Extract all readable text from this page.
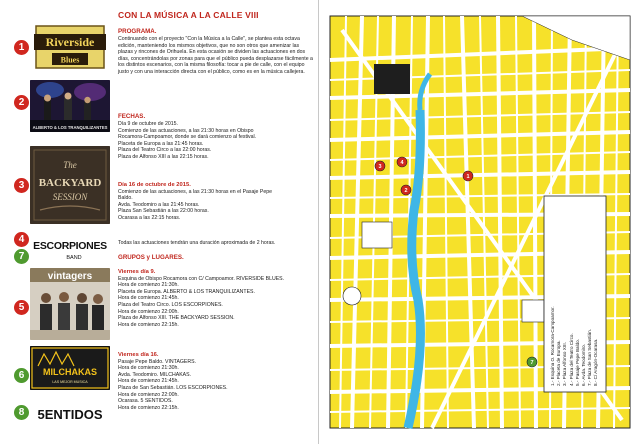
1	Riverside
Blues
2
ALBERTO & LOS TRANQUILIZANTES
3
The
BACKYARD
SESSION
4
7
ESCORPIONES
BAND
5
vintagers
6	MILCHAKAS
LAS MEJOR MUSICA
8	5ENTIDOS
CON LA MÚSICA A LA CALLE VIII
PROGRAMA.
Continuando con el proyecto "Con la Música a la Calle", se plantea esta octava edición, manteniendo los mismos objetivos, que no son otros que amenizar las plazas y rincones de Orihuela. En esta ocasión se dividen las actuaciones en dos días, concentrándolas por zonas para que el público pueda desplazarse fácilmente a los distintos escenarios, con la misma filosofía: tocar a pie de calle, con el equipo justo y con una interacción directa con el público, como es en la música callejera.
FECHAS.
Día 9 de octubre de 2015.
Comienzo de las actuaciones, a las 21:30 horas en Obispo
Rocamora-Campoamor, donde se dará comienzo al festival.
Placeta de Europa a las 21:45 horas.
Plaza del Teatro Circo a las 22:00 horas.
Plaza de Alfonso XIII a las 22:15 horas.
Día 16 de octubre de 2015.
Comienzo de las actuaciones, a las 21:30 horas en el Pasaje Pepe
Baldo.
Avda. Teodomiro a las 21:45 horas.
Plaza San Sebastián a las 22:00 horas.
Ocarasa a las 22:15 horas.
Todas las actuaciones tendrán una duración aproximada de 2 horas.
GRUPOS y LUGARES.
Viernes día 9.
Esquina de Obispo Rocamora con C/ Campoamor. RIVERSIDE BLUES.
Hora de comienzo 21:30h.
Placeta de Europa. ALBERTO & LOS TRANQUILIZANTES.
Hora de comienzo 21:45h.
Plaza del Teatro Circo. LOS ESCORPIONES.
Hora de comienzo 22:00h.
Plaza de Alfonso XIII. THE BACKYARD SESSION.
Hora de comienzo 22:15h.
Viernes día 16.
Pasaje Pepe Baldo. VINTAGERS.
Hora de comienzo 21:30h.
Avda. Teodomiro. MILCHAKAS.
Hora de comienzo 21:45h.
Plaza de San Sebastián. LOS ESCORPIONES.
Hora de comienzo 22:00h.
Ocarasa. 5 SENTIDOS.
Hora de comienzo 22:15h.
3
4
2
1
7	1.- Esquina O. Rocamora-Campoamor. 2.- Placeta de Europa. 3.- Plaza Alfonso XIII. 4.- Plaza del Teatro Circo. 5.- Pasaje Pepe Baldo. 6.- Avda. Teodomiro. 7.- Plaza de San Sebastián. 8.- C/ Aragón-Ocarasa.
